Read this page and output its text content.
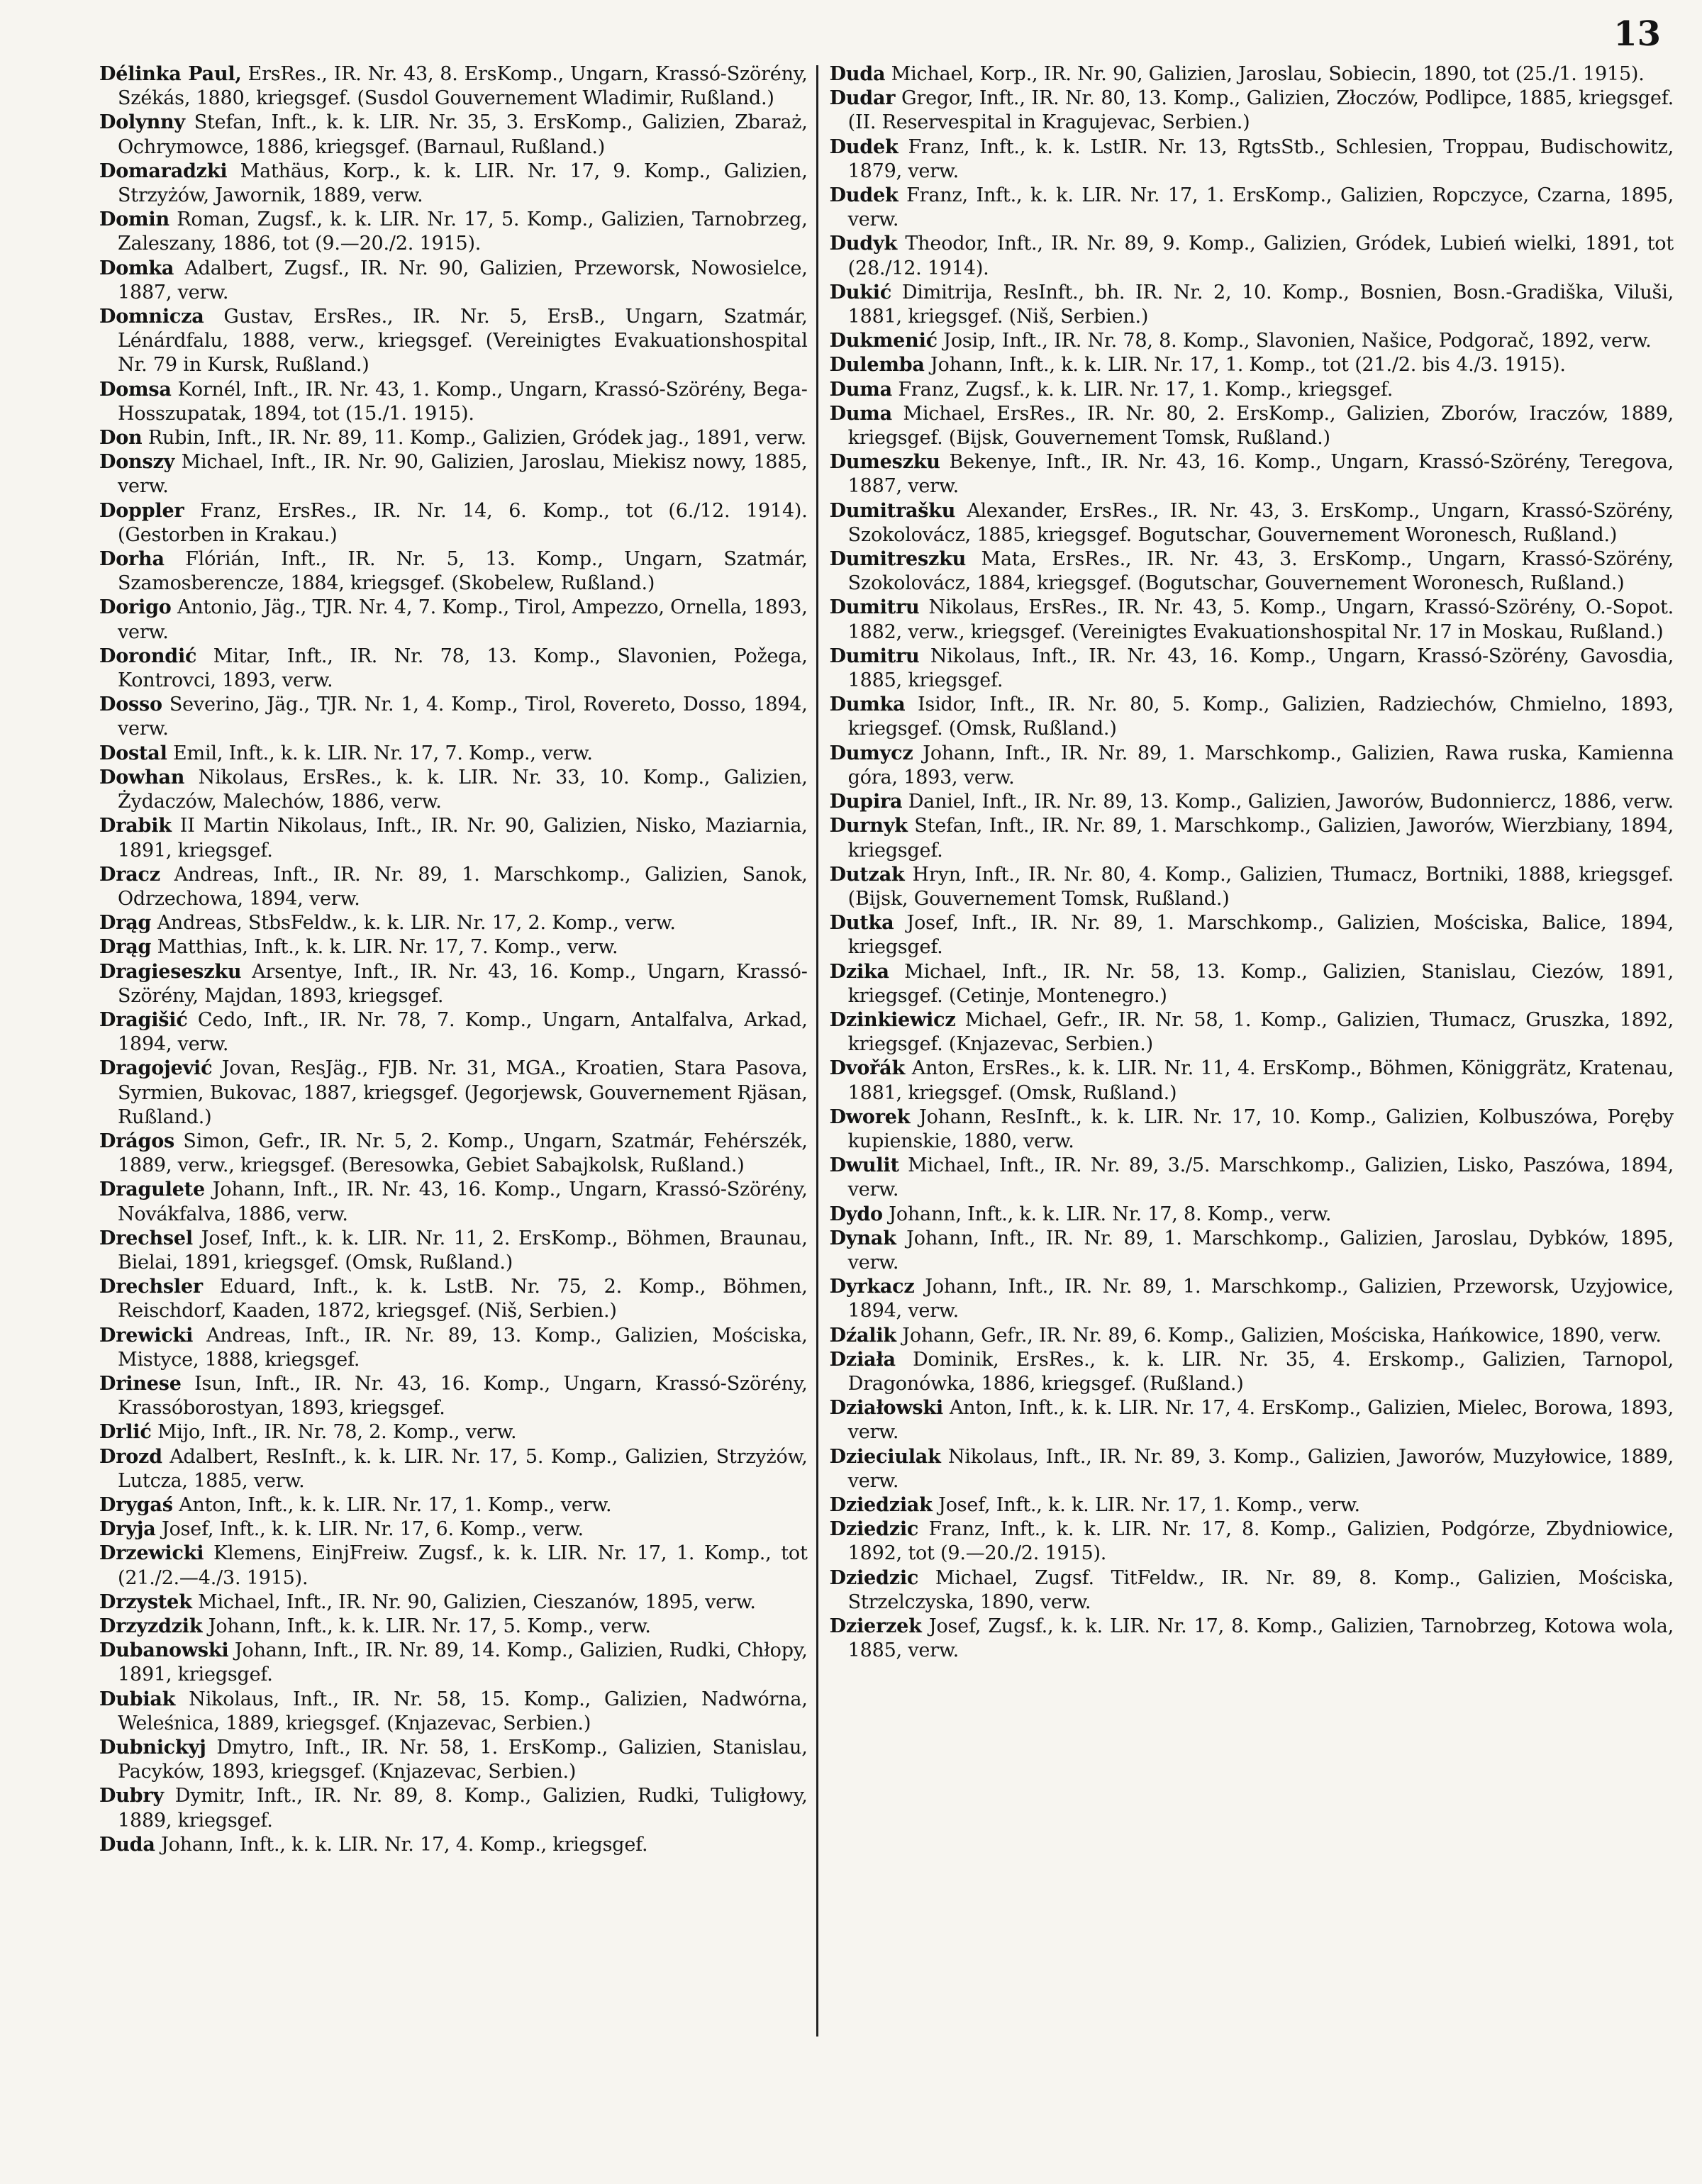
13
Délinka Paul, ErsRes., IR. Nr. 43, 8. ErsKomp., Ungarn, Krassó-Szörény, Székás, 1880, kriegsgef. (Susdol Gouvernement Wladimir, Rußland.)
Dolynny Stefan, Inft., k. k. LIR. Nr. 35, 3. ErsKomp., Galizien, Zbaraż, Ochrymowce, 1886, kriegsgef. (Barnaul, Rußland.)
Domaradzki Mathäus, Korp., k. k. LIR. Nr. 17, 9. Komp., Galizien, Strzyżów, Jawornik, 1889, verw.
Domin Roman, Zugsf., k. k. LIR. Nr. 17, 5. Komp., Galizien, Tarnobrzeg, Zaleszany, 1886, tot (9.—20./2. 1915).
Domka Adalbert, Zugsf., IR. Nr. 90, Galizien, Przeworsk, Nowosielce, 1887, verw.
Domnicza Gustav, ErsRes., IR. Nr. 5, ErsB., Ungarn, Szatmár, Lénárdfalu, 1888, verw., kriegsgef. (Vereinigtes Evakuationshospital Nr. 79 in Kursk, Rußland.)
Domsa Kornél, Inft., IR. Nr. 43, 1. Komp., Ungarn, Krassó-Szörény, Bega-Hosszupatak, 1894, tot (15./1. 1915).
Don Rubin, Inft., IR. Nr. 89, 11. Komp., Galizien, Gródek jag., 1891, verw.
Donszy Michael, Inft., IR. Nr. 90, Galizien, Jaroslau, Miekisz nowy, 1885, verw.
Doppler Franz, ErsRes., IR. Nr. 14, 6. Komp., tot (6./12. 1914). (Gestorben in Krakau.)
Dorha Flórián, Inft., IR. Nr. 5, 13. Komp., Ungarn, Szatmár, Szamosberencze, 1884, kriegsgef. (Skobelew, Rußland.)
Dorigo Antonio, Jäg., TJR. Nr. 4, 7. Komp., Tirol, Ampezzo, Ornella, 1893, verw.
Dorondić Mitar, Inft., IR. Nr. 78, 13. Komp., Slavonien, Požega, Kontrovci, 1893, verw.
Dosso Severino, Jäg., TJR. Nr. 1, 4. Komp., Tirol, Rovereto, Dosso, 1894, verw.
Dostal Emil, Inft., k. k. LIR. Nr. 17, 7. Komp., verw.
Dowhan Nikolaus, ErsRes., k. k. LIR. Nr. 33, 10. Komp., Galizien, Żydaczów, Malechów, 1886, verw.
Drabik II Martin Nikolaus, Inft., IR. Nr. 90, Galizien, Nisko, Maziarnia, 1891, kriegsgef.
Dracz Andreas, Inft., IR. Nr. 89, 1. Marschkomp., Galizien, Sanok, Odrzechowa, 1894, verw.
Drąg Andreas, StbsFeldw., k. k. LIR. Nr. 17, 2. Komp., verw.
Drąg Matthias, Inft., k. k. LIR. Nr. 17, 7. Komp., verw.
Dragieseszku Arsentye, Inft., IR. Nr. 43, 16. Komp., Ungarn, Krassó-Szörény, Majdan, 1893, kriegsgef.
Dragišić Cedo, Inft., IR. Nr. 78, 7. Komp., Ungarn, Antalfalva, Arkad, 1894, verw.
Dragojević Jovan, ResJäg., FJB. Nr. 31, MGA., Kroatien, Stara Pasova, Syrmien, Bukovac, 1887, kriegsgef. (Jegorjewsk, Gouvernement Rjäsan, Rußland.)
Drágos Simon, Gefr., IR. Nr. 5, 2. Komp., Ungarn, Szatmár, Fehérszék, 1889, verw., kriegsgef. (Beresowka, Gebiet Sabajkolsk, Rußland.)
Dragulete Johann, Inft., IR. Nr. 43, 16. Komp., Ungarn, Krassó-Szörény, Novákfalva, 1886, verw.
Drechsel Josef, Inft., k. k. LIR. Nr. 11, 2. ErsKomp., Böhmen, Braunau, Bielai, 1891, kriegsgef. (Omsk, Rußland.)
Drechsler Eduard, Inft., k. k. LstB. Nr. 75, 2. Komp., Böhmen, Reischdorf, Kaaden, 1872, kriegsgef. (Niš, Serbien.)
Drewicki Andreas, Inft., IR. Nr. 89, 13. Komp., Galizien, Mościska, Mistyce, 1888, kriegsgef.
Drinese Isun, Inft., IR. Nr. 43, 16. Komp., Ungarn, Krassó-Szörény, Krassóborostyan, 1893, kriegsgef.
Drlić Mijo, Inft., IR. Nr. 78, 2. Komp., verw.
Drozd Adalbert, ResInft., k. k. LIR. Nr. 17, 5. Komp., Galizien, Strzyżów, Lutcza, 1885, verw.
Drygaś Anton, Inft., k. k. LIR. Nr. 17, 1. Komp., verw.
Dryja Josef, Inft., k. k. LIR. Nr. 17, 6. Komp., verw.
Drzewicki Klemens, EinjFreiw. Zugsf., k. k. LIR. Nr. 17, 1. Komp., tot (21./2.—4./3. 1915).
Drzystek Michael, Inft., IR. Nr. 90, Galizien, Cieszanów, 1895, verw.
Drzyzdzik Johann, Inft., k. k. LIR. Nr. 17, 5. Komp., verw.
Dubanowski Johann, Inft., IR. Nr. 89, 14. Komp., Galizien, Rudki, Chłopy, 1891, kriegsgef.
Dubiak Nikolaus, Inft., IR. Nr. 58, 15. Komp., Galizien, Nadwórna, Weleśnica, 1889, kriegsgef. (Knjazevac, Serbien.)
Dubnickyj Dmytro, Inft., IR. Nr. 58, 1. ErsKomp., Galizien, Stanislau, Pacyków, 1893, kriegsgef. (Knjazevac, Serbien.)
Dubry Dymitr, Inft., IR. Nr. 89, 8. Komp., Galizien, Rudki, Tuligłowy, 1889, kriegsgef.
Duda Johann, Inft., k. k. LIR. Nr. 17, 4. Komp., kriegsgef.
Duda Michael, Korp., IR. Nr. 90, Galizien, Jaroslau, Sobiecin, 1890, tot (25./1. 1915).
Dudar Gregor, Inft., IR. Nr. 80, 13. Komp., Galizien, Złoczów, Podlipce, 1885, kriegsgef. (II. Reservespital in Kragujevac, Serbien.)
Dudek Franz, Inft., k. k. LstIR. Nr. 13, RgtsStb., Schlesien, Troppau, Budischowitz, 1879, verw.
Dudek Franz, Inft., k. k. LIR. Nr. 17, 1. ErsKomp., Galizien, Ropczyce, Czarna, 1895, verw.
Dudyk Theodor, Inft., IR. Nr. 89, 9. Komp., Galizien, Gródek, Lubień wielki, 1891, tot (28./12. 1914).
Dukić Dimitrija, ResInft., bh. IR. Nr. 2, 10. Komp., Bosnien, Bosn.-Gradiška, Viluši, 1881, kriegsgef. (Niš, Serbien.)
Dukmenić Josip, Inft., IR. Nr. 78, 8. Komp., Slavonien, Našice, Podgorač, 1892, verw.
Dulemba Johann, Inft., k. k. LIR. Nr. 17, 1. Komp., tot (21./2. bis 4./3. 1915).
Duma Franz, Zugsf., k. k. LIR. Nr. 17, 1. Komp., kriegsgef.
Duma Michael, ErsRes., IR. Nr. 80, 2. ErsKomp., Galizien, Zborów, Iraczów, 1889, kriegsgef. (Bijsk, Gouvernement Tomsk, Rußland.)
Dumeszku Bekenye, Inft., IR. Nr. 43, 16. Komp., Ungarn, Krassó-Szörény, Teregova, 1887, verw.
Dumitrašku Alexander, ErsRes., IR. Nr. 43, 3. ErsKomp., Ungarn, Krassó-Szörény, Szokolovácz, 1885, kriegsgef. Bogutschar, Gouvernement Woronesch, Rußland.)
Dumitreszku Mata, ErsRes., IR. Nr. 43, 3. ErsKomp., Ungarn, Krassó-Szörény, Szokolovácz, 1884, kriegsgef. (Bogutschar, Gouvernement Woronesch, Rußland.)
Dumitru Nikolaus, ErsRes., IR. Nr. 43, 5. Komp., Ungarn, Krassó-Szörény, O.-Sopot. 1882, verw., kriegsgef. (Vereinigtes Evakuationshospital Nr. 17 in Moskau, Rußland.)
Dumitru Nikolaus, Inft., IR. Nr. 43, 16. Komp., Ungarn, Krassó-Szörény, Gavosdia, 1885, kriegsgef.
Dumka Isidor, Inft., IR. Nr. 80, 5. Komp., Galizien, Radziechów, Chmielno, 1893, kriegsgef. (Omsk, Rußland.)
Dumycz Johann, Inft., IR. Nr. 89, 1. Marschkomp., Galizien, Rawa ruska, Kamienna góra, 1893, verw.
Dupira Daniel, Inft., IR. Nr. 89, 13. Komp., Galizien, Jaworów, Budonniercz, 1886, verw.
Durnyk Stefan, Inft., IR. Nr. 89, 1. Marschkomp., Galizien, Jaworów, Wierzbiany, 1894, kriegsgef.
Dutzak Hryn, Inft., IR. Nr. 80, 4. Komp., Galizien, Tłumacz, Bortniki, 1888, kriegsgef. (Bijsk, Gouvernement Tomsk, Rußland.)
Dutka Josef, Inft., IR. Nr. 89, 1. Marschkomp., Galizien, Mościska, Balice, 1894, kriegsgef.
Dzika Michael, Inft., IR. Nr. 58, 13. Komp., Galizien, Stanislau, Ciezów, 1891, kriegsgef. (Cetinje, Montenegro.)
Dzinkiewicz Michael, Gefr., IR. Nr. 58, 1. Komp., Galizien, Tłumacz, Gruszka, 1892, kriegsgef. (Knjazevac, Serbien.)
Dvořák Anton, ErsRes., k. k. LIR. Nr. 11, 4. ErsKomp., Böhmen, Königgrätz, Kratenau, 1881, kriegsgef. (Omsk, Rußland.)
Dworek Johann, ResInft., k. k. LIR. Nr. 17, 10. Komp., Galizien, Kolbuszówa, Poręby kupienskie, 1880, verw.
Dwulit Michael, Inft., IR. Nr. 89, 3./5. Marschkomp., Galizien, Lisko, Paszówa, 1894, verw.
Dydo Johann, Inft., k. k. LIR. Nr. 17, 8. Komp., verw.
Dynak Johann, Inft., IR. Nr. 89, 1. Marschkomp., Galizien, Jaroslau, Dybków, 1895, verw.
Dyrkacz Johann, Inft., IR. Nr. 89, 1. Marschkomp., Galizien, Przeworsk, Uzyjowice, 1894, verw.
Dźalik Johann, Gefr., IR. Nr. 89, 6. Komp., Galizien, Mościska, Hańkowice, 1890, verw.
Działa Dominik, ErsRes., k. k. LIR. Nr. 35, 4. Erskomp., Galizien, Tarnopol, Dragonówka, 1886, kriegsgef. (Rußland.)
Działowski Anton, Inft., k. k. LIR. Nr. 17, 4. ErsKomp., Galizien, Mielec, Borowa, 1893, verw.
Dzieciulak Nikolaus, Inft., IR. Nr. 89, 3. Komp., Galizien, Jaworów, Muzyłowice, 1889, verw.
Dziedziak Josef, Inft., k. k. LIR. Nr. 17, 1. Komp., verw.
Dziedzic Franz, Inft., k. k. LIR. Nr. 17, 8. Komp., Galizien, Podgórze, Zbydniowice, 1892, tot (9.—20./2. 1915).
Dziedzic Michael, Zugsf. TitFeldw., IR. Nr. 89, 8. Komp., Galizien, Mościska, Strzelczyska, 1890, verw.
Dzierzek Josef, Zugsf., k. k. LIR. Nr. 17, 8. Komp., Galizien, Tarnobrzeg, Kotowa wola, 1885, verw.
